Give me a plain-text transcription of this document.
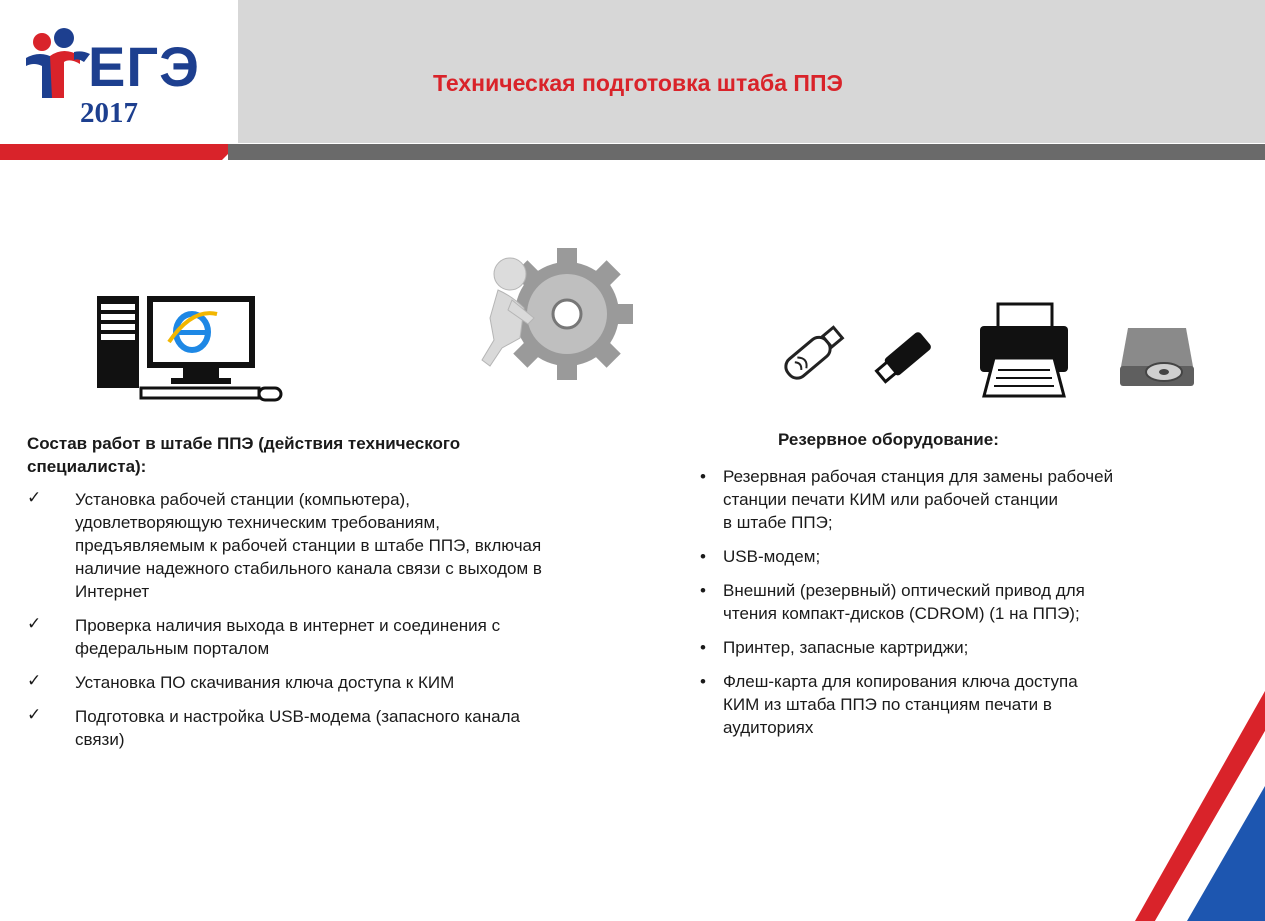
ЕГЭ
2017
Техническая подготовка штаба ППЭ
Состав работ в штабе ППЭ (действия технического
специалиста):
✓	Установка рабочей станции (компьютера),
удовлетворяющую техническим требованиям,
предъявляемым к рабочей станции в штабе ППЭ, включая
наличие надежного стабильного канала связи с выходом в
Интернет
✓	Проверка наличия выхода в интернет и соединения с
федеральным порталом
✓	Установка ПО скачивания ключа доступа к КИМ
✓	Подготовка и настройка USB-модема (запасного канала
связи)
Резервное оборудование:
• Резервная рабочая станция для замены рабочей
станции печати КИМ или рабочей станции
в штабе ППЭ;
• USB-модем;
• Внешний (резервный) оптический привод для
чтения компакт-дисков (CDROM) (1 на ППЭ);
• Принтер, запасные картриджи;
• Флеш-карта для копирования ключа доступа
КИМ из штаба ППЭ по станциям печати в
аудиториях
